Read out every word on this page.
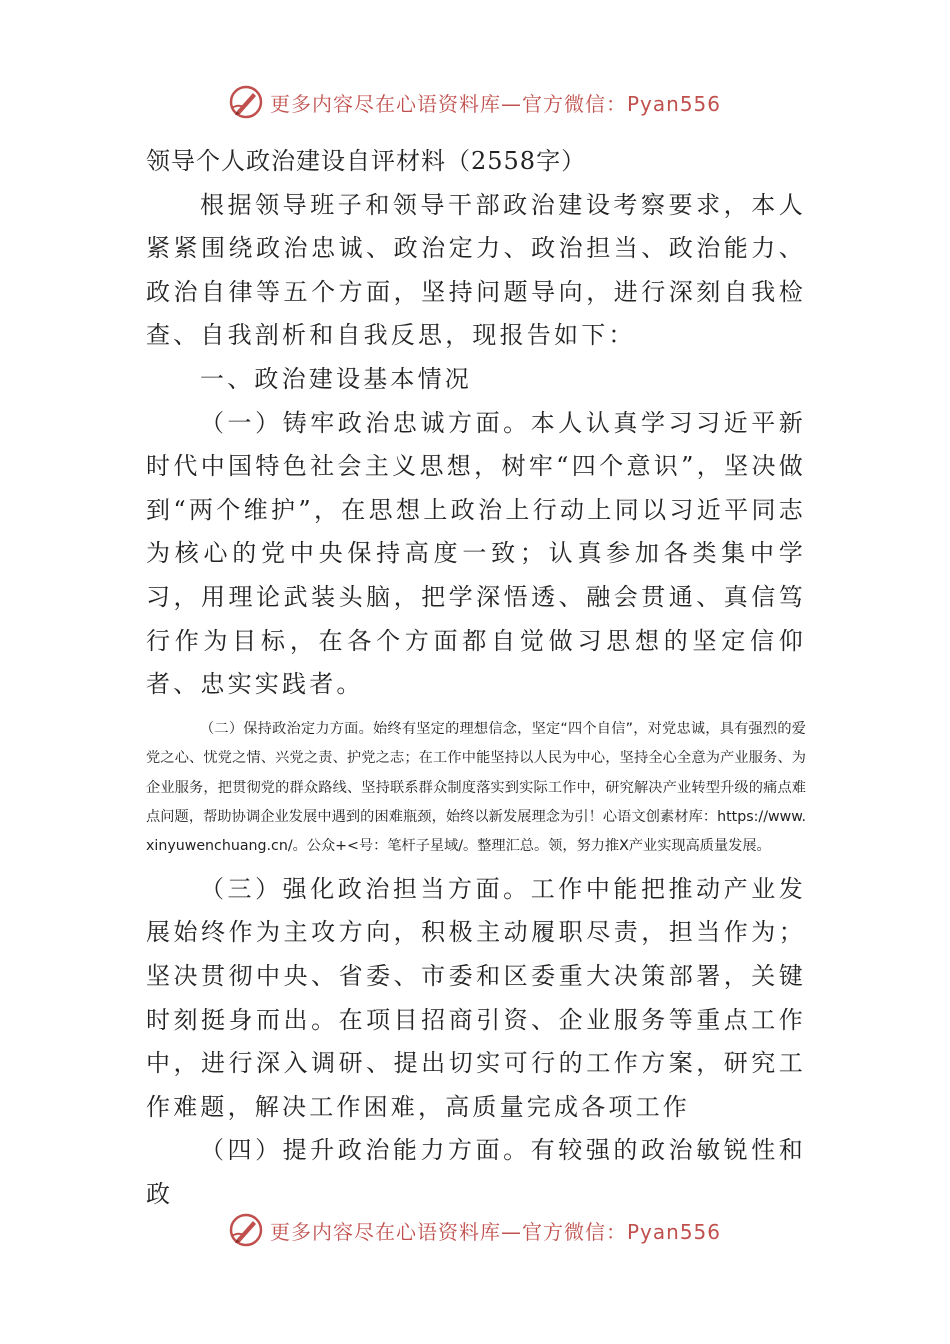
更多内容尽在心语资料库—官方微信：Pyan556

领导个人政治建设自评材料（2558字）

根据领导班子和领导干部政治建设考察要求，本人紧紧围绕政治忠诚、政治定力、政治担当、政治能力、政治自律等五个方面，坚持问题导向，进行深刻自我检查、自我剖析和自我反思，现报告如下：

一、政治建设基本情况

（一）铸牢政治忠诚方面。本人认真学习习近平新时代中国特色社会主义思想，树牢“四个意识”，坚决做到“两个维护”，在思想上政治上行动上同以习近平同志为核心的党中央保持高度一致；认真参加各类集中学习，用理论武装头脑，把学深悟透、融会贯通、真信笃行作为目标，在各个方面都自觉做习思想的坚定信仰者、忠实实践者。

（二）保持政治定力方面。始终有坚定的理想信念，坚定“四个自信”，对党忠诚，具有强烈的爱党之心、忧党之情、兴党之责、护党之志；在工作中能坚持以人民为中心，坚持全心全意为产业服务、为企业服务，把贯彻党的群众路线、坚持联系群众制度落实到实际工作中，研究解决产业转型升级的痛点难点问题，帮助协调企业发展中遇到的困难瓶颈，始终以新发展理念为引！心语文创素材库：https://www.xinyuwenchuang.cn/。公众+<号：笔杆子星域/。整理汇总。领，努力推X产业实现高质量发展。

（三）强化政治担当方面。工作中能把推动产业发展始终作为主攻方向，积极主动履职尽责，担当作为；坚决贯彻中央、省委、市委和区委重大决策部署，关键时刻挺身而出。在项目招商引资、企业服务等重点工作中，进行深入调研、提出切实可行的工作方案，研究工作难题，解决工作困难，高质量完成各项工作

（四）提升政治能力方面。有较强的政治敏锐性和政

更多内容尽在心语资料库—官方微信：Pyan556
